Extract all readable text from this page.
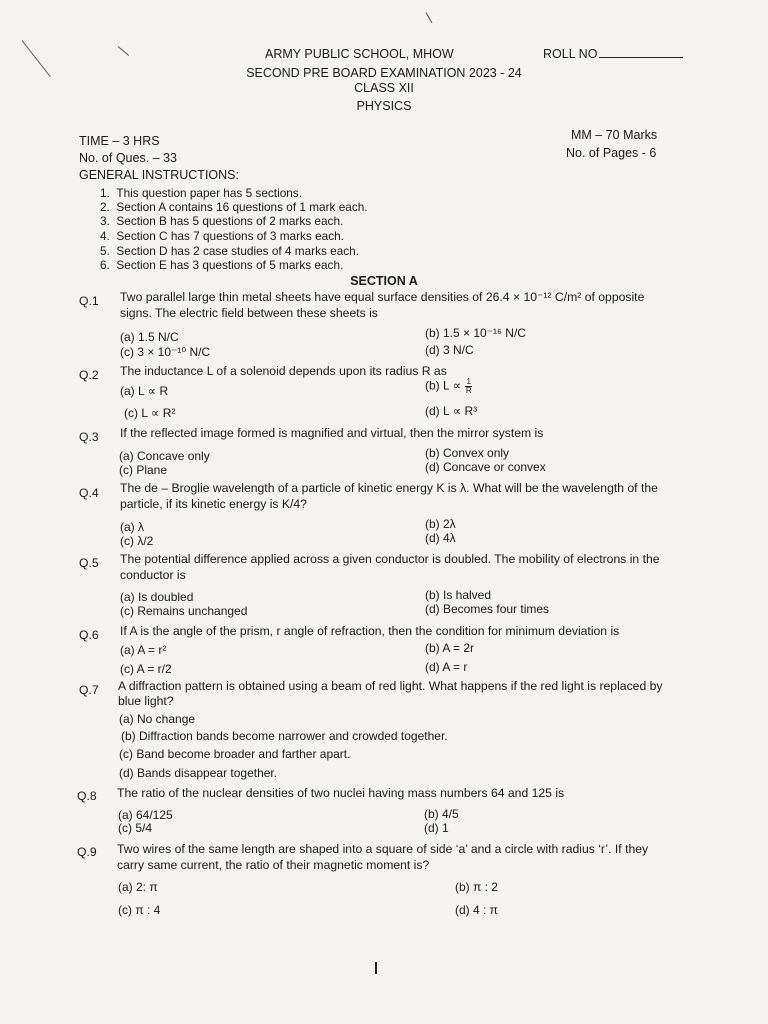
ARMY PUBLIC SCHOOL, MHOW	ROLL NO
SECOND PRE BOARD EXAMINATION 2023 - 24
CLASS XII
PHYSICS
TIME – 3 HRS
No. of Ques. – 33
MM – 70 Marks
No. of Pages - 6
GENERAL INSTRUCTIONS:
1. This question paper has 5 sections.
2. Section A contains 16 questions of 1 mark each.
3. Section B has 5 questions of 2 marks each.
4. Section C has 7 questions of 3 marks each.
5. Section D has 2 case studies of 4 marks each.
6. Section E has 3 questions of 5 marks each.
SECTION A
Q.1 Two parallel large thin metal sheets have equal surface densities of 26.4 × 10⁻¹² C/m² of opposite
signs. The electric field between these sheets is
(a) 1.5 N/C	(b) 1.5 × 10⁻¹⁶ N/C
(c) 3 × 10⁻¹⁰ N/C	(d) 3 N/C
Q.2 The inductance L of a solenoid depends upon its radius R as
(a) L ∝ R	(b) $L \propto \frac{1}{R}$
(c) L ∝ R²	(d) L ∝ R³
Q.3 If the reflected image formed is magnified and virtual, then the mirror system is
(a) Concave only	(b) Convex only
(c) Plane	(d) Concave or convex
Q.4 The de – Broglie wavelength of a particle of kinetic energy K is λ. What will be the wavelength of the
particle, if its kinetic energy is K/4?
(a) λ	(b) 2λ
(c) λ/2	(d) 4λ
Q.5 The potential difference applied across a given conductor is doubled. The mobility of electrons in the
conductor is
(a) Is doubled	(b) Is halved
(c) Remains unchanged	(d) Becomes four times
Q.6 If A is the angle of the prism, r angle of refraction, then the condition for minimum deviation is
(a) A = r²	(b) A = 2r
(c) A = r/2	(d) A = r
Q.7 A diffraction pattern is obtained using a beam of red light. What happens if the red light is replaced by
blue light?
(a) No change
(b) Diffraction bands become narrower and crowded together.
(c) Band become broader and farther apart.
(d) Bands disappear together.
Q.8 The ratio of the nuclear densities of two nuclei having mass numbers 64 and 125 is
(a) 64/125	(b) 4/5
(c) 5/4	(d) 1
Q.9 Two wires of the same length are shaped into a square of side ‘a’ and a circle with radius ‘r’. If they
carry same current, the ratio of their magnetic moment is?
(a) 2: π	(b) π : 2
(c) π : 4	(d) 4 : π
